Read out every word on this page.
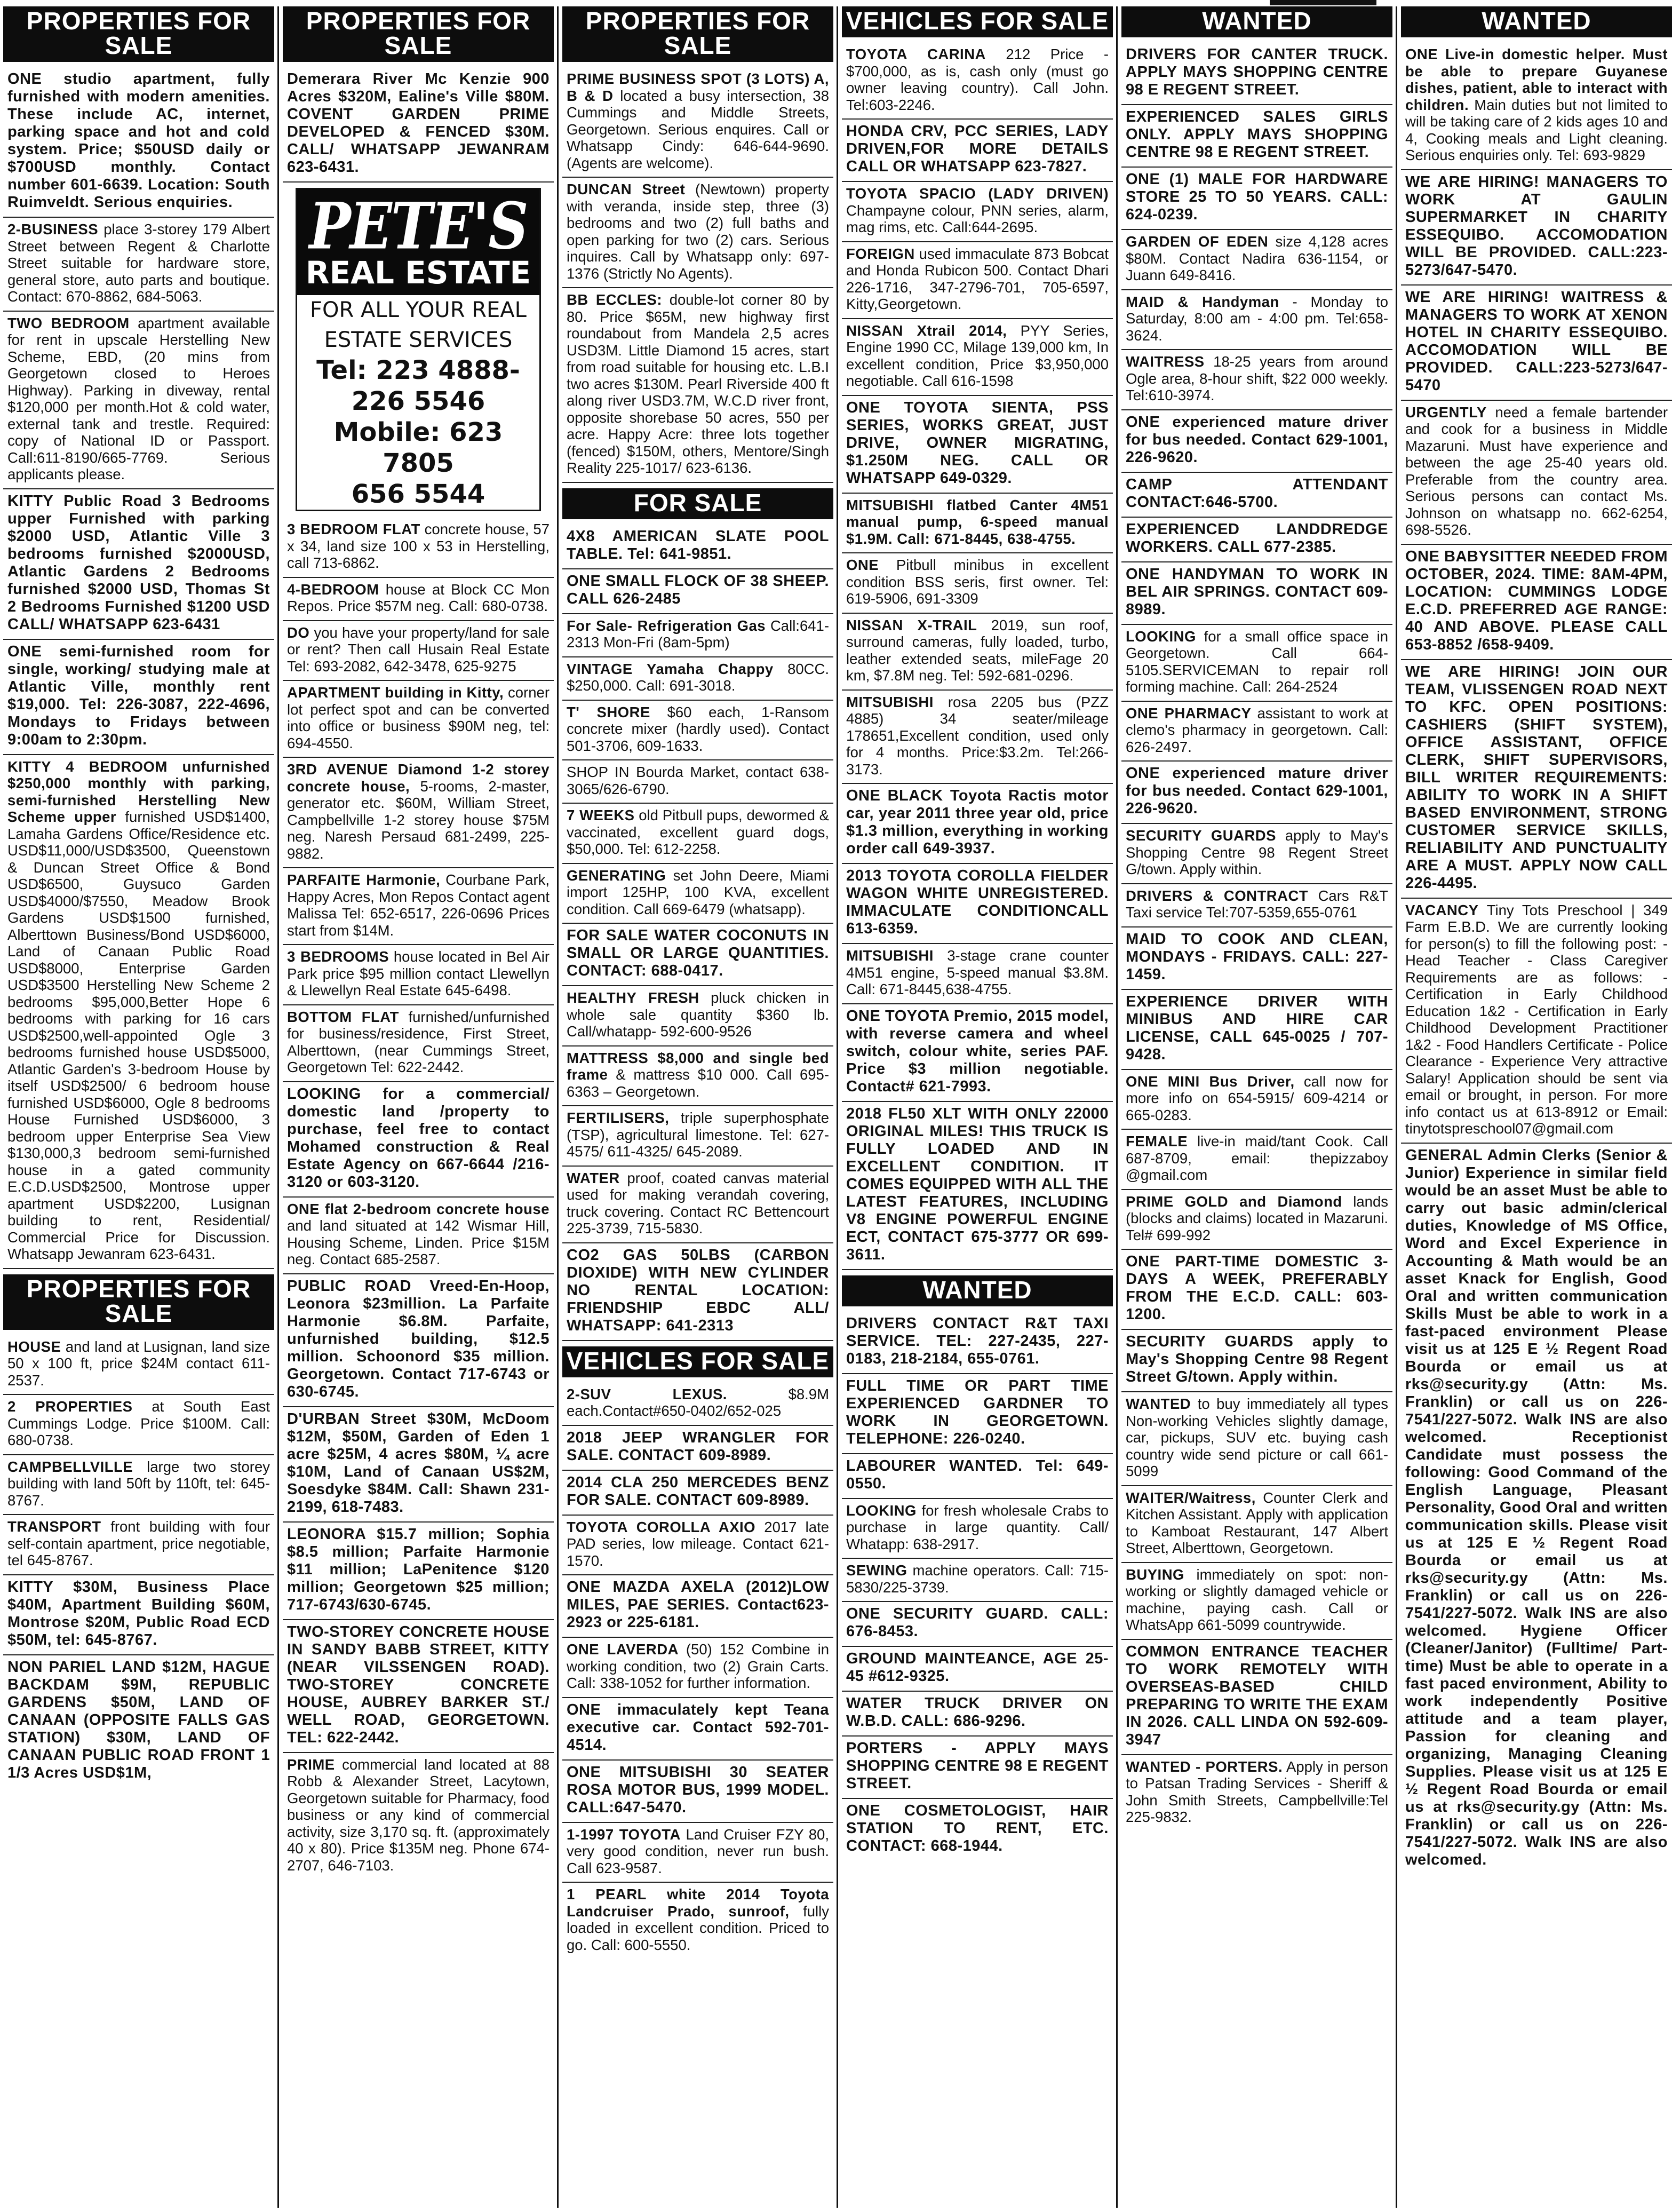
PROPERTIES FOR SALE
ONE studio apartment, fully furnished with modern amenities. These include AC, internet, parking space and hot and cold system. Price; $50USD daily or $700USD monthly. Contact number 601-6639. Location: South Ruimveldt. Serious enquiries.
2-BUSINESS place 3-storey 179 Albert Street between Regent & Charlotte Street suitable for hardware store, general store, auto parts and boutique. Contact: 670-8862, 684-5063.
TWO BEDROOM apartment available for rent in upscale Herstelling New Scheme, EBD, (20 mins from Georgetown closed to Heroes Highway). Parking in diveway, rental $120,000 per month.Hot & cold water, external tank and trestle. Required: copy of National ID or Passport. Call:611-8190/665-7769. Serious applicants please.
KITTY Public Road 3 Bedrooms upper Furnished with parking $2000 USD, Atlantic Ville 3 bedrooms furnished $2000USD, Atlantic Gardens 2 Bedrooms furnished $2000 USD, Thomas St 2 Bedrooms Furnished $1200 USD CALL/ WHATSAPP 623-6431
ONE semi-furnished room for single, working/ studying male at Atlantic Ville, monthly rent $19,000. Tel: 226-3087, 222-4696, Mondays to Fridays between 9:00am to 2:30pm.
KITTY 4 BEDROOM unfurnished $250,000 monthly with parking, semi-furnished Herstelling New Scheme upper furnished USD$1400, Lamaha Gardens Office/Residence etc. USD$11,000/USD$3500, Queenstown & Duncan Street Office & Bond USD$6500, Guysuco Garden USD$4000/$7550, Meadow Brook Gardens USD$1500 furnished, Alberttown Business/Bond USD$6000, Land of Canaan Public Road USD$8000, Enterprise Garden USD$3500 Herstelling New Scheme 2 bedrooms $95,000,Better Hope 6 bedrooms with parking for 16 cars USD$2500,well-appointed Ogle 3 bedrooms furnished house USD$5000, Atlantic Garden's 3-bedroom House by itself USD$2500/ 6 bedroom house furnished USD$6000, Ogle 8 bedrooms House Furnished USD$6000, 3 bedroom upper Enterprise Sea View $130,000,3 bedroom semi-furnished house in a gated community E.C.D.USD$2500, Montrose upper apartment USD$2200, Lusignan building to rent, Residential/ Commercial Price for Discussion. Whatsapp Jewanram 623-6431.
PROPERTIES FOR SALE
HOUSE and land at Lusignan, land size 50 x 100 ft, price $24M contact 611-2537.
2 PROPERTIES at South East Cummings Lodge. Price $100M. Call: 680-0738.
CAMPBELLVILLE large two storey building with land 50ft by 110ft, tel: 645-8767.
TRANSPORT front building with four self-contain apartment, price negotiable, tel 645-8767.
KITTY $30M, Business Place $40M, Apartment Building $60M, Montrose $20M, Public Road ECD $50M, tel: 645-8767.
NON PARIEL LAND $12M, HAGUE BACKDAM $9M, REPUBLIC GARDENS $50M, LAND OF CANAAN (OPPOSITE FALLS GAS STATION) $30M, LAND OF CANAAN PUBLIC ROAD FRONT 1 1/3 Acres USD$1M,
PROPERTIES FOR SALE
Demerara River Mc Kenzie 900 Acres $320M, Ealine's Ville $80M. COVENT GARDEN PRIME DEVELOPED & FENCED $30M. CALL/ WHATSAPP JEWANRAM 623-6431.
PETE'S
REAL ESTATE
FOR ALL YOUR REAL
ESTATE SERVICES
Tel: 223 4888-
226 5546
Mobile: 623 7805
656 5544
3 BEDROOM FLAT concrete house, 57 x 34, land size 100 x 53 in Herstelling, call 713-6862.
4-BEDROOM house at Block CC Mon Repos. Price $57M neg. Call: 680-0738.
DO you have your property/land for sale or rent? Then call Husain Real Estate Tel: 693-2082, 642-3478, 625-9275
APARTMENT building in Kitty, corner lot perfect spot and can be converted into office or business $90M neg, tel: 694-4550.
3RD AVENUE Diamond 1-2 storey concrete house, 5-rooms, 2-master, generator etc. $60M, William Street, Campbellville 1-2 storey house $75M neg. Naresh Persaud 681-2499, 225-9882.
PARFAITE Harmonie, Courbane Park, Happy Acres, Mon Repos Contact agent Malissa Tel: 652-6517, 226-0696 Prices start from $14M.
3 BEDROOMS house located in Bel Air Park price $95 million contact Llewellyn & Llewellyn Real Estate 645-6498.
BOTTOM FLAT furnished/unfurnished for business/residence, First Street, Alberttown, (near Cummings Street, Georgetown Tel: 622-2442.
LOOKING for a commercial/ domestic land /property to purchase, feel free to contact Mohamed construction & Real Estate Agency on 667-6644 /216-3120 or 603-3120.
ONE flat 2-bedroom concrete house and land situated at 142 Wismar Hill, Housing Scheme, Linden. Price $15M neg. Contact 685-2587.
PUBLIC ROAD Vreed-En-Hoop, Leonora $23million. La Parfaite Harmonie $6.8M. Parfaite, unfurnished building, $12.5 million. Schoonord $35 million. Georgetown. Contact 717-6743 or 630-6745.
D'URBAN Street $30M, McDoom $12M, $50M, Garden of Eden 1 acre $25M, 4 acres $80M, ¼ acre $10M, Land of Canaan US$2M, Soesdyke $84M. Call: Shawn 231-2199, 618-7483.
LEONORA $15.7 million; Sophia $8.5 million; Parfaite Harmonie $11 million; LaPenitence $120 million; Georgetown $25 million; 717-6743/630-6745.
TWO-STOREY CONCRETE HOUSE IN SANDY BABB STREET, KITTY (NEAR VILSSENGEN ROAD). TWO-STOREY CONCRETE HOUSE, AUBREY BARKER ST./ WELL ROAD, GEORGETOWN. TEL: 622-2442.
PRIME commercial land located at 88 Robb & Alexander Street, Lacytown, Georgetown suitable for Pharmacy, food business or any kind of commercial activity, size 3,170 sq. ft. (approximately 40 x 80). Price $135M neg. Phone 674-2707, 646-7103.
PROPERTIES FOR SALE
PRIME BUSINESS SPOT (3 LOTS) A, B & D located a busy intersection, 38 Cummings and Middle Streets, Georgetown. Serious enquires. Call or Whatsapp Cindy: 646-644-9690. (Agents are welcome).
DUNCAN Street (Newtown) property with veranda, inside step, three (3) bedrooms and two (2) full baths and open parking for two (2) cars. Serious inquires. Call by Whatsapp only: 697-1376 (Strictly No Agents).
BB ECCLES: double-lot corner 80 by 80. Price $65M, new highway first roundabout from Mandela 2,5 acres USD3M. Little Diamond 15 acres, start from road suitable for housing etc. L.B.I two acres $130M. Pearl Riverside 400 ft along river USD3.7M, W.C.D river front, opposite shorebase 50 acres, 550 per acre. Happy Acre: three lots together (fenced) $150M, others, Mentore/Singh Reality 225-1017/ 623-6136.
FOR SALE
4X8 AMERICAN SLATE POOL TABLE. Tel: 641-9851.
ONE SMALL FLOCK OF 38 SHEEP. CALL 626-2485
For Sale- Refrigeration Gas Call:641-2313 Mon-Fri (8am-5pm)
VINTAGE Yamaha Chappy 80CC. $250,000. Call: 691-3018.
T' SHORE $60 each, 1-Ransom concrete mixer (hardly used). Contact 501-3706, 609-1633.
SHOP IN Bourda Market, contact 638-3065/626-6790.
7 WEEKS old Pitbull pups, dewormed & vaccinated, excellent guard dogs, $50,000. Tel: 612-2258.
GENERATING set John Deere, Miami import 125HP, 100 KVA, excellent condition. Call 669-6479 (whatsapp).
FOR SALE WATER COCONUTS IN SMALL OR LARGE QUANTITIES. CONTACT: 688-0417.
HEALTHY FRESH pluck chicken in whole sale quantity $360 lb. Call/whatapp- 592-600-9526
MATTRESS $8,000 and single bed frame & mattress $10 000. Call 695-6363 – Georgetown.
FERTILISERS, triple superphosphate (TSP), agricultural limestone. Tel: 627-4575/ 611-4325/ 645-2089.
WATER proof, coated canvas material used for making verandah covering, truck covering. Contact RC Bettencourt 225-3739, 715-5830.
CO2 GAS 50LBS (CARBON DIOXIDE) WITH NEW CYLINDER NO RENTAL LOCATION: FRIENDSHIP EBDC ALL/ WHATSAPP: 641-2313
VEHICLES FOR SALE
2-SUV LEXUS.	$8.9M each.Contact#650-0402/652-025
2018 JEEP WRANGLER FOR SALE. CONTACT 609-8989.
2014 CLA 250 MERCEDES BENZ FOR SALE. CONTACT 609-8989.
TOYOTA COROLLA AXIO 2017 late PAD series, low mileage. Contact 621-1570.
ONE MAZDA AXELA (2012)LOW MILES, PAE SERIES. Contact623-2923 or 225-6181.
ONE LAVERDA (50) 152 Combine in working condition, two (2) Grain Carts. Call: 338-1052 for further information.
ONE immaculately kept Teana executive car. Contact 592-701-4514.
ONE MITSUBISHI 30 SEATER ROSA MOTOR BUS, 1999 MODEL. CALL:647-5470.
1-1997 TOYOTA Land Cruiser FZY 80, very good condition, never run bush. Call 623-9587.
1 PEARL white 2014 Toyota Landcruiser Prado, sunroof, fully loaded in excellent condition. Priced to go. Call: 600-5550.
VEHICLES FOR SALE
TOYOTA CARINA 212 Price - $700,000, as is, cash only (must go owner leaving country). Call John. Tel:603-2246.
HONDA CRV, PCC SERIES, LADY DRIVEN,FOR MORE DETAILS CALL OR WHATSAPP 623-7827.
TOYOTA SPACIO (LADY DRIVEN) Champayne colour, PNN series, alarm, mag rims, etc. Call:644-2695.
FOREIGN used immaculate 873 Bobcat and Honda Rubicon 500. Contact Dhari 226-1716, 347-2796-701, 705-6597, Kitty,Georgetown.
NISSAN Xtrail 2014, PYY Series, Engine 1990 CC, Milage 139,000 km, In excellent condition, Price $3,950,000 negotiable. Call 616-1598
ONE TOYOTA SIENTA, PSS SERIES, WORKS GREAT, JUST DRIVE, OWNER MIGRATING, $1.250M NEG. CALL OR WHATSAPP 649-0329.
MITSUBISHI flatbed Canter 4M51 manual pump, 6-speed manual $1.9M. Call: 671-8445, 638-4755.
ONE Pitbull minibus in excellent condition BSS seris, first owner. Tel: 619-5906, 691-3309
NISSAN X-TRAIL 2019, sun roof, surround cameras, fully loaded, turbo, leather extended seats, mileFage 20 km, $7.8M neg. Tel: 592-681-0296.
MITSUBISHI rosa 2205 bus (PZZ 4885) 34 seater/mileage 178651,Excellent condition, used only for 4 months. Price:$3.2m. Tel:266-3173.
ONE BLACK Toyota Ractis motor car, year 2011 three year old, price $1.3 million, everything in working order call 649-3937.
2013 TOYOTA COROLLA FIELDER WAGON WHITE UNREGISTERED. IMMACULATE CONDITIONCALL 613-6359.
MITSUBISHI 3-stage crane counter 4M51 engine, 5-speed manual $3.8M. Call: 671-8445,638-4755.
ONE TOYOTA Premio, 2015 model, with reverse camera and wheel switch, colour white, series PAF. Price $3 million negotiable. Contact# 621-7993.
2018 FL50 XLT WITH ONLY 22000 ORIGINAL MILES! THIS TRUCK IS FULLY LOADED AND IN EXCELLENT CONDITION. IT COMES EQUIPPED WITH ALL THE LATEST FEATURES, INCLUDING V8 ENGINE POWERFUL ENGINE ECT, CONTACT 675-3777 OR 699-3611.
WANTED
DRIVERS CONTACT R&T TAXI SERVICE. TEL: 227-2435, 227-0183, 218-2184, 655-0761.
FULL TIME OR PART TIME EXPERIENCED GARDNER TO WORK IN GEORGETOWN. TELEPHONE: 226-0240.
LABOURER WANTED. Tel: 649-0550.
LOOKING for fresh wholesale Crabs to purchase in large quantity. Call/ Whatapp: 638-2917.
SEWING machine operators. Call: 715-5830/225-3739.
ONE SECURITY GUARD. CALL: 676-8453.
GROUND MAINTEANCE, AGE 25-45 #612-9325.
WATER TRUCK DRIVER ON W.B.D. CALL: 686-9296.
PORTERS - APPLY MAYS SHOPPING CENTRE 98 E REGENT STREET.
ONE COSMETOLOGIST, HAIR STATION TO RENT, ETC. CONTACT: 668-1944.
WANTED
DRIVERS FOR CANTER TRUCK. APPLY MAYS SHOPPING CENTRE 98 E REGENT STREET.
EXPERIENCED SALES GIRLS ONLY. APPLY MAYS SHOPPING CENTRE 98 E REGENT STREET.
ONE (1) MALE FOR HARDWARE STORE 25 TO 50 YEARS. CALL: 624-0239.
GARDEN OF EDEN size 4,128 acres $80M. Contact Nadira 636-1154, or Juann 649-8416.
MAID & Handyman - Monday to Saturday, 8:00 am - 4:00 pm. Tel:658-3624.
WAITRESS 18-25 years from around Ogle area, 8-hour shift, $22 000 weekly. Tel:610-3974.
ONE experienced mature driver for bus needed. Contact 629-1001, 226-9620.
CAMP	ATTENDANT CONTACT:646-5700.
EXPERIENCED LANDDREDGE WORKERS. CALL 677-2385.
ONE HANDYMAN TO WORK IN BEL AIR SPRINGS. CONTACT 609-8989.
LOOKING for a small office space in Georgetown. Call 664-5105.SERVICEMAN to repair roll forming machine. Call: 264-2524
ONE PHARMACY assistant to work at clemo's pharmacy in georgetown. Call: 626-2497.
ONE experienced mature driver for bus needed. Contact 629-1001, 226-9620.
SECURITY GUARDS apply to May's Shopping Centre 98 Regent Street G/town. Apply within.
DRIVERS & CONTRACT Cars R&T Taxi service Tel:707-5359,655-0761
MAID TO COOK AND CLEAN, MONDAYS - FRIDAYS. CALL: 227-1459.
EXPERIENCE DRIVER WITH MINIBUS AND HIRE CAR LICENSE, CALL 645-0025 / 707-9428.
ONE MINI Bus Driver, call now for more info on 654-5915/ 609-4214 or 665-0283.
FEMALE live-in maid/tant Cook. Call 687-8709, email: thepizzaboy @gmail.com
PRIME GOLD and Diamond lands (blocks and claims) located in Mazaruni. Tel# 699-992
ONE PART-TIME DOMESTIC 3-DAYS A WEEK, PREFERABLY FROM THE E.C.D. CALL: 603-1200.
SECURITY GUARDS apply to May's Shopping Centre 98 Regent Street G/town. Apply within.
WANTED to buy immediately all types Non-working Vehicles slightly damage, car, pickups, SUV etc. buying cash country wide send picture or call 661-5099
WAITER/Waitress, Counter Clerk and Kitchen Assistant. Apply with application to Kamboat Restaurant, 147 Albert Street, Alberttown, Georgetown.
BUYING immediately on spot: non-working or slightly damaged vehicle or machine, paying cash. Call or WhatsApp 661-5099 countrywide.
COMMON ENTRANCE TEACHER TO WORK REMOTELY WITH OVERSEAS-BASED CHILD PREPARING TO WRITE THE EXAM IN 2026. CALL LINDA ON 592-609-3947
WANTED - PORTERS. Apply in person to Patsan Trading Services - Sheriff & John Smith Streets, Campbellville:Tel 225-9832.
WANTED
ONE Live-in domestic helper. Must be able to prepare Guyanese dishes, patient, able to interact with children. Main duties but not limited to will be taking care of 2 kids ages 10 and 4, Cooking meals and Light cleaning. Serious enquiries only. Tel: 693-9829
WE ARE HIRING! MANAGERS TO WORK AT GAULIN SUPERMARKET IN CHARITY ESSEQUIBO. ACCOMODATION WILL BE PROVIDED. CALL:223-5273/647-5470.
WE ARE HIRING! WAITRESS & MANAGERS TO WORK AT XENON HOTEL IN CHARITY ESSEQUIBO. ACCOMODATION WILL BE PROVIDED. CALL:223-5273/647-5470
URGENTLY need a female bartender and cook for a business in Middle Mazaruni. Must have experience and between the age 25-40 years old. Preferable from the country area. Serious persons can contact Ms. Johnson on whatsapp no. 662-6254, 698-5526.
ONE BABYSITTER NEEDED FROM OCTOBER, 2024. TIME: 8AM-4PM, LOCATION: CUMMINGS LODGE E.C.D. PREFERRED AGE RANGE: 40 AND ABOVE. PLEASE CALL 653-8852 /658-9409.
WE ARE HIRING! JOIN OUR TEAM, VLISSENGEN ROAD NEXT TO KFC. OPEN POSITIONS: CASHIERS (SHIFT SYSTEM), OFFICE ASSISTANT, OFFICE CLERK, SHIFT SUPERVISORS, BILL WRITER REQUIREMENTS: ABILITY TO WORK IN A SHIFT BASED ENVIRONMENT, STRONG CUSTOMER SERVICE SKILLS, RELIABILITY AND PUNCTUALITY ARE A MUST. APPLY NOW CALL 226-4495.
VACANCY Tiny Tots Preschool | 349 Farm E.B.D. We are currently looking for person(s) to fill the following post: - Head Teacher - Class Caregiver Requirements are as follows: - Certification in Early Childhood Education 1&2 - Certification in Early Childhood Development Practitioner 1&2 - Food Handlers Certificate - Police Clearance - Experience Very attractive Salary! Application should be sent via email or brought, in person. For more info contact us at 613-8912 or Email: tinytotspreschool07@gmail.com
GENERAL Admin Clerks (Senior & Junior) Experience in similar field would be an asset Must be able to carry out basic admin/clerical duties, Knowledge of MS Office, Word and Excel Experience in Accounting & Math would be an asset Knack for English, Good Oral and written communication Skills Must be able to work in a fast-paced environment Please visit us at 125 E ½ Regent Road Bourda or email us at rks@security.gy (Attn: Ms. Franklin) or call us on 226-7541/227-5072. Walk INS are also welcomed. Receptionist Candidate must possess the following: Good Command of the English Language, Pleasant Personality, Good Oral and written communication skills. Please visit us at 125 E ½ Regent Road Bourda or email us at rks@security.gy (Attn: Ms. Franklin) or call us on 226-7541/227-5072. Walk INS are also welcomed. Hygiene Officer (Cleaner/Janitor) (Fulltime/ Part-time) Must be able to operate in a fast paced environment, Ability to work independently Positive attitude and a team player, Passion for cleaning and organizing, Managing Cleaning Supplies. Please visit us at 125 E ½ Regent Road Bourda or email us at rks@security.gy (Attn: Ms. Franklin) or call us on 226-7541/227-5072. Walk INS are also welcomed.
